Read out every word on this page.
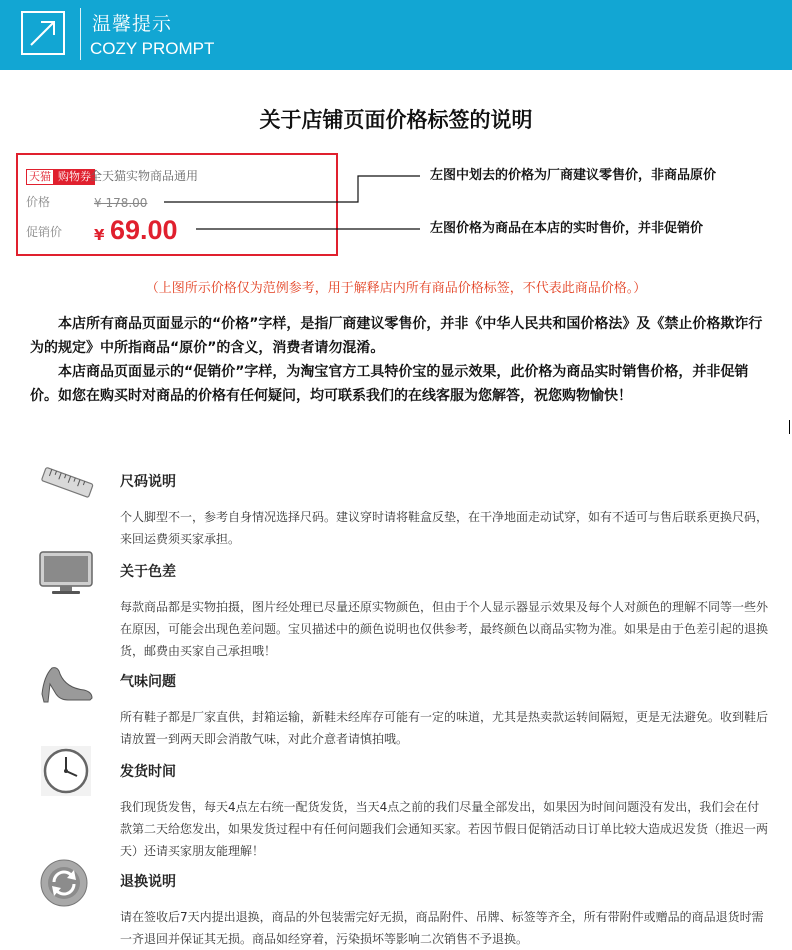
温馨提示
COZY PROMPT
关于店铺页面价格标签的说明
天猫 购物券 全天猫实物商品通用
价格	¥ 178.00
促销价 ¥ 69.00
左图中划去的价格为厂商建议零售价，非商品原价
左图价格为商品在本店的实时售价，并非促销价
（上图所示价格仅为范例参考，用于解释店内所有商品价格标签，不代表此商品价格。）

本店所有商品页面显示的“价格”字样，是指厂商建议零售价，并非《中华人民共和国价格法》及《禁止价格欺诈行为的规定》中所指商品“原价”的含义，消费者请勿混淆。

本店商品页面显示的“促销价”字样，为淘宝官方工具特价宝的显示效果，此价格为商品实时销售价格，并非促销价。如您在购买时对商品的价格有任何疑问，均可联系我们的在线客服为您解答，祝您购物愉快！

尺码说明

个人脚型不一，参考自身情况选择尺码。建议穿时请将鞋盒反垫，在干净地面走动试穿，如有不适可与售后联系更换尺码，来回运费须买家承担。

关于色差

每款商品都是实物拍摄，图片经处理已尽量还原实物颜色，但由于个人显示器显示效果及每个人对颜色的理解不同等一些外在原因，可能会出现色差问题。宝贝描述中的颜色说明也仅供参考，最终颜色以商品实物为准。如果是由于色差引起的退换货，邮费由买家自己承担哦！

气味问题

所有鞋子都是厂家直供，封箱运输，新鞋未经库存可能有一定的味道，尤其是热卖款运转间隔短，更是无法避免。收到鞋后请放置一到两天即会消散气味，对此介意者请慎拍哦。

发货时间

我们现货发售，每天4点左右统一配货发货，当天4点之前的我们尽量全部发出，如果因为时间问题没有发出，我们会在付款第二天给您发出，如果发货过程中有任何问题我们会通知买家。若因节假日促销活动日订单比较大造成迟发货（推迟一两天）还请买家朋友能理解！

退换说明

请在签收后7天内提出退换，商品的外包装需完好无损，商品附件、吊牌、标签等齐全，所有带附件或赠品的商品退货时需一齐退回并保证其无损。商品如经穿着，污染损坏等影响二次销售不予退换。
